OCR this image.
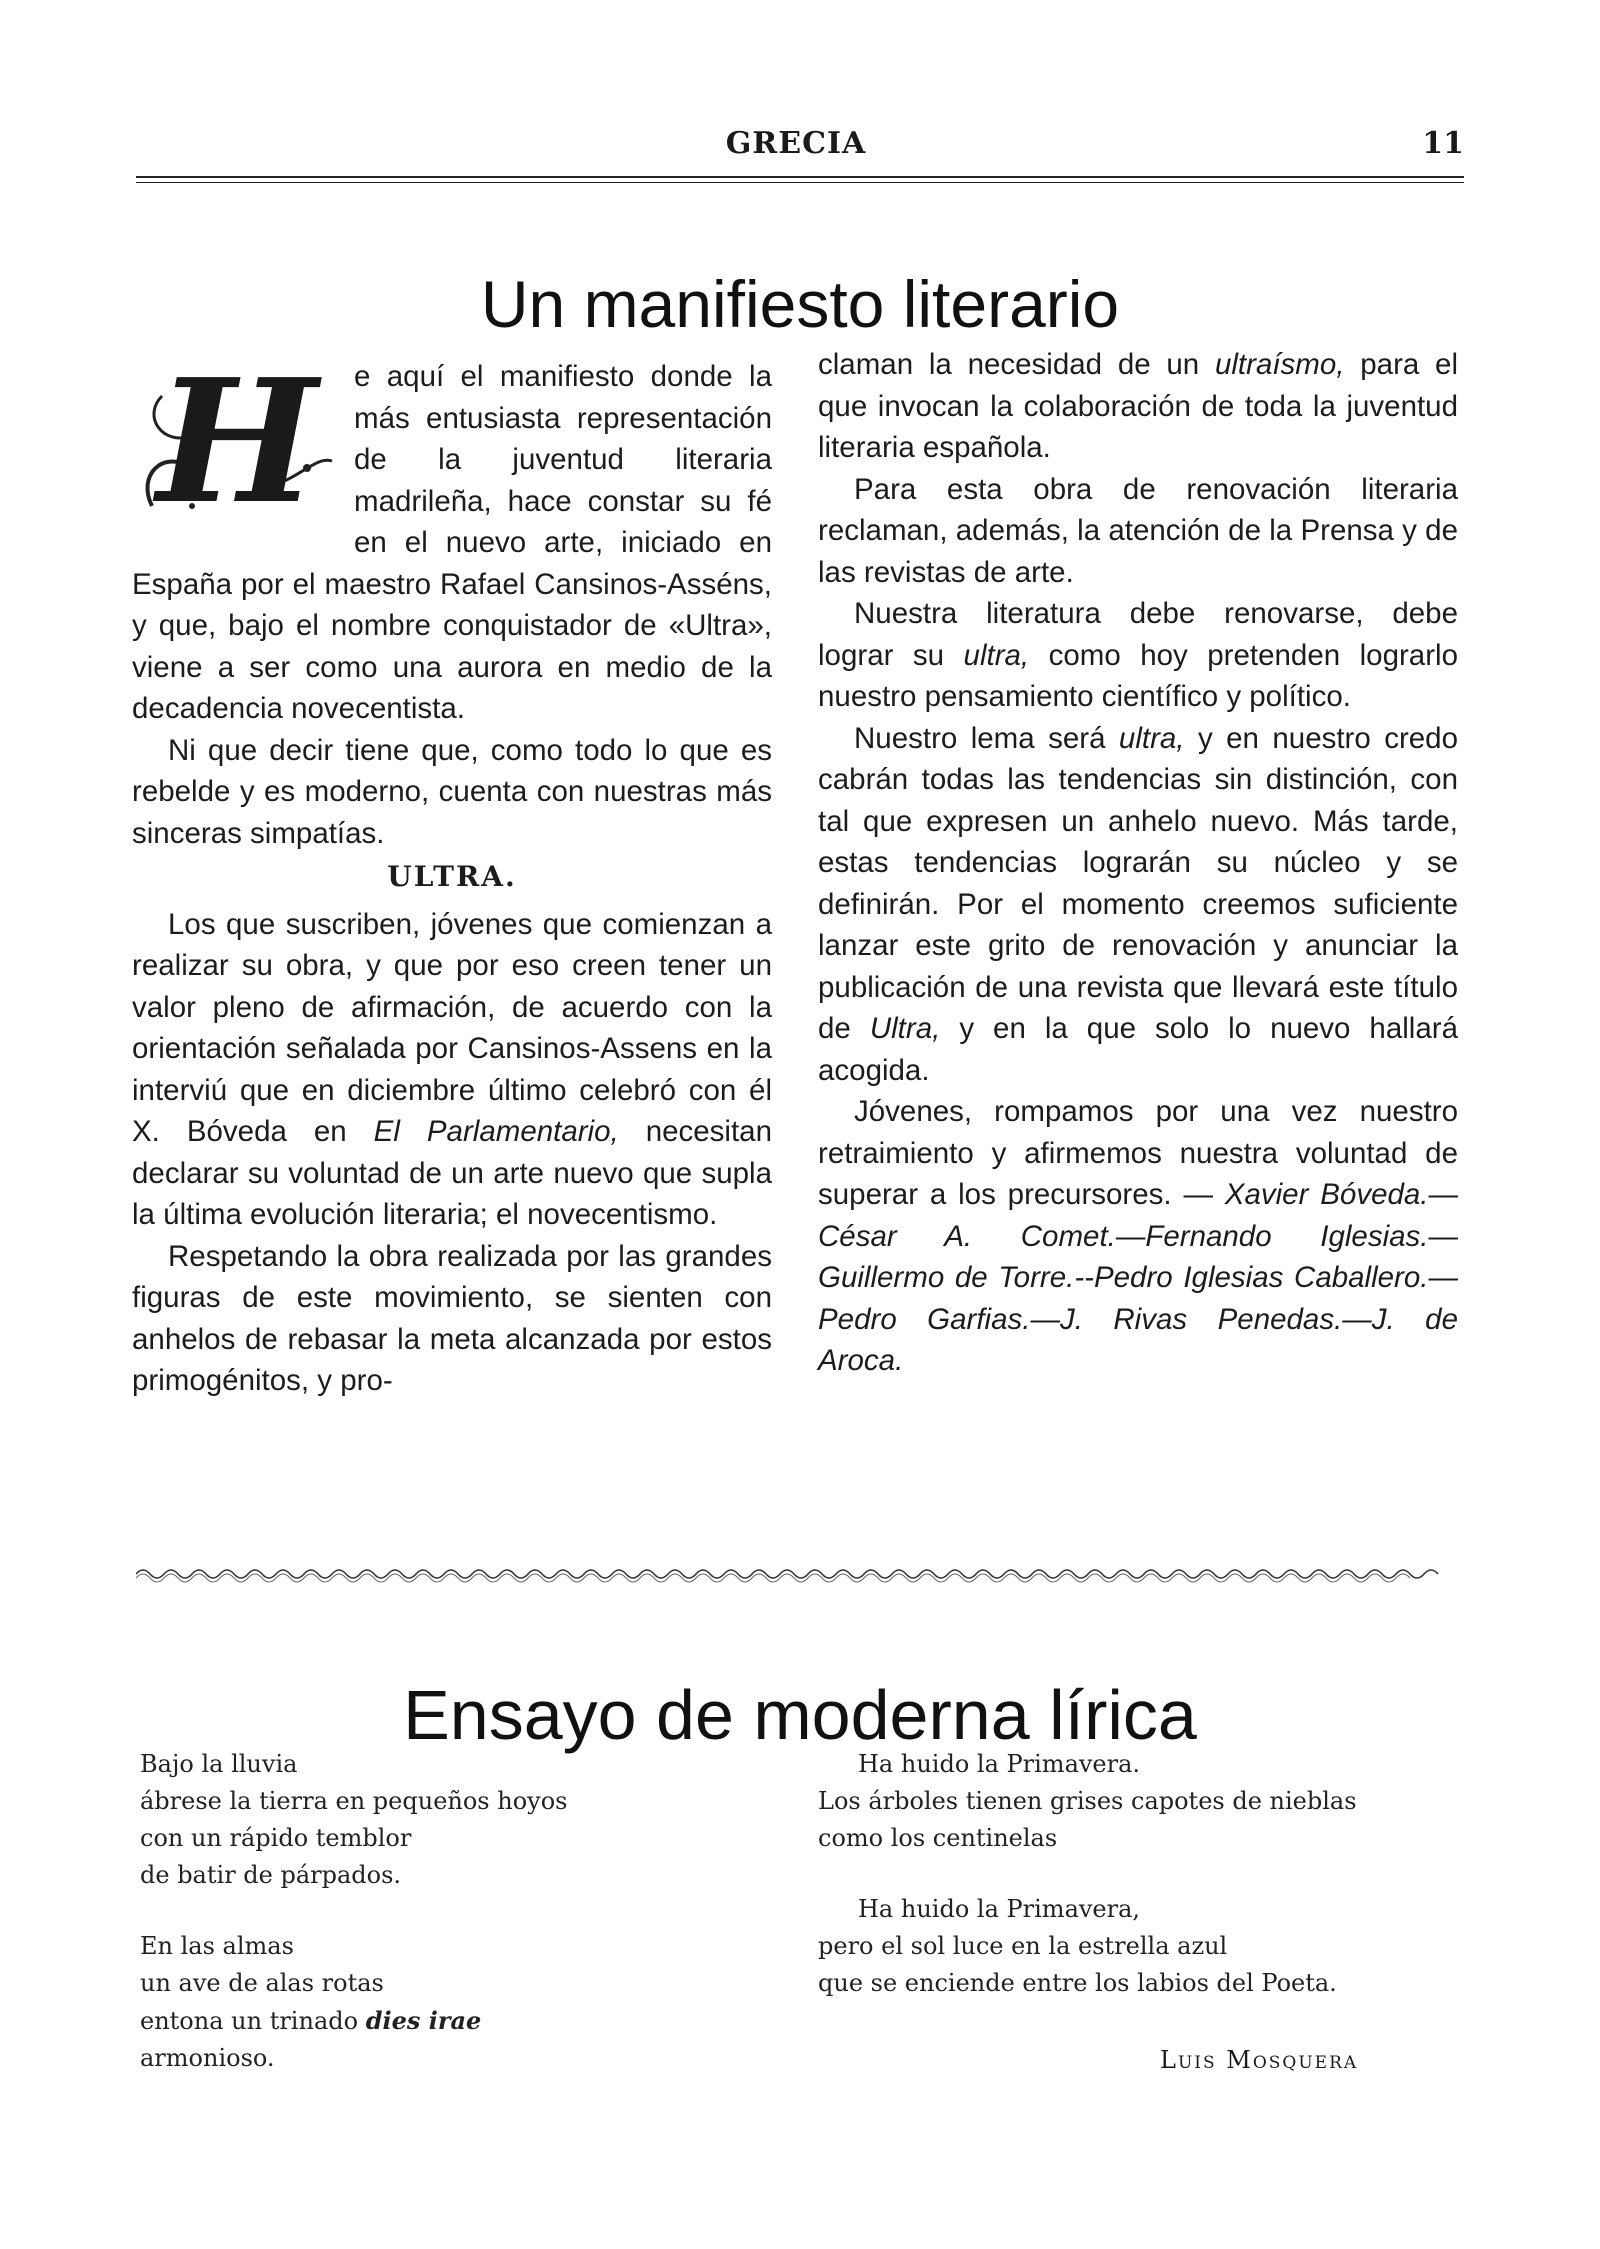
GRECIA	11
Un manifiesto literario

H e aquí el manifiesto donde la más entusiasta representación de la juventud literaria madrileña, hace constar su fé en el nuevo arte, iniciado en España por el maestro Rafael Cansinos-Asséns, y que, bajo el nombre conquistador de «Ultra», viene a ser como una aurora en medio de la decadencia novecentista.

Ni que decir tiene que, como todo lo que es rebelde y es moderno, cuenta con nuestras más sinceras simpatías.

ULTRA.

Los que suscriben, jóvenes que comienzan a realizar su obra, y que por eso creen tener un valor pleno de afirmación, de acuerdo con la orientación señalada por Cansinos-Assens en la interviú que en diciembre último celebró con él X. Bóveda en El Parlamentario, necesitan declarar su voluntad de un arte nuevo que supla la última evolución literaria; el novecentismo.

Respetando la obra realizada por las grandes figuras de este movimiento, se sienten con anhelos de rebasar la meta alcanzada por estos primogénitos, y pro-

claman la necesidad de un ultraísmo, para el que invocan la colaboración de toda la juventud literaria española.

Para esta obra de renovación literaria reclaman, además, la atención de la Prensa y de las revistas de arte.

Nuestra literatura debe renovarse, debe lograr su ultra, como hoy pretenden lograrlo nuestro pensamiento científico y político.

Nuestro lema será ultra, y en nuestro credo cabrán todas las tendencias sin distinción, con tal que expresen un anhelo nuevo. Más tarde, estas tendencias lograrán su núcleo y se definirán. Por el momento creemos suficiente lanzar este grito de renovación y anunciar la publicación de una revista que llevará este título de Ultra, y en la que solo lo nuevo hallará acogida.

Jóvenes, rompamos por una vez nuestro retraimiento y afirmemos nuestra voluntad de superar a los precursores. — Xavier Bóveda.—César A. Comet.—Fernando Iglesias.—Guillermo de Torre.--Pedro Iglesias Caballero.—Pedro Garfias.—J. Rivas Penedas.—J. de Aroca.

Ensayo de moderna lírica
Bajo la lluvia
ábrese la tierra en pequeños hoyos
con un rápido temblor
de batir de párpados.
En las almas
un ave de alas rotas
entona un trinado dies irae
armonioso.
Ha huido la Primavera.
Los árboles tienen grises capotes de nieblas
como los centinelas
Ha huido la Primavera,
pero el sol luce en la estrella azul
que se enciende entre los labios del Poeta.
Luis Mosquera
